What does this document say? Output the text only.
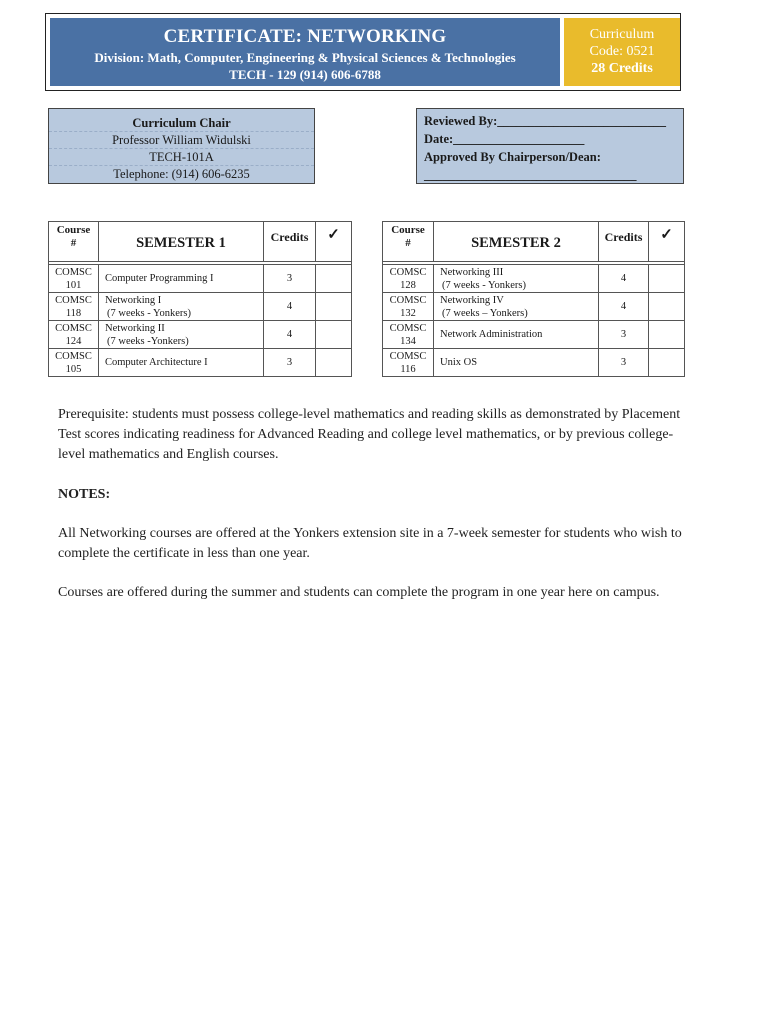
CERTIFICATE: NETWORKING
Division: Math, Computer, Engineering & Physical Sciences & Technologies
TECH - 129 (914) 606-6788
Curriculum
Code: 0521
28 Credits
Curriculum Chair
Professor William Widulski
TECH-101A
Telephone: (914) 606-6235
Reviewed By:___________________________
Date:_____________________
Approved By Chairperson/Dean:
__________________________________
Course
#	SEMESTER 1	Credits	✓

COMSC
101	Computer Programming I	3	
COMSC
118	Networking I
(7 weeks - Yonkers)	4	
COMSC
124	Networking II
(7 weeks -Yonkers)	4	
COMSC
105	Computer Architecture I	3	
Course
#	SEMESTER 2	Credits	✓

COMSC
128	Networking III
(7 weeks - Yonkers)	4	
COMSC
132	Networking IV
(7 weeks – Yonkers)	4	
COMSC
134	Network Administration	3	
COMSC
116	Unix OS	3	
Prerequisite: students must possess college-level mathematics and reading skills as demonstrated by Placement Test scores indicating readiness for Advanced Reading and college level mathematics, or by previous college-level mathematics and English courses.
NOTES:
All Networking courses are offered at the Yonkers extension site in a 7-week semester for students who wish to complete the certificate in less than one year.
Courses are offered during the summer and students can complete the program in one year here on campus.
